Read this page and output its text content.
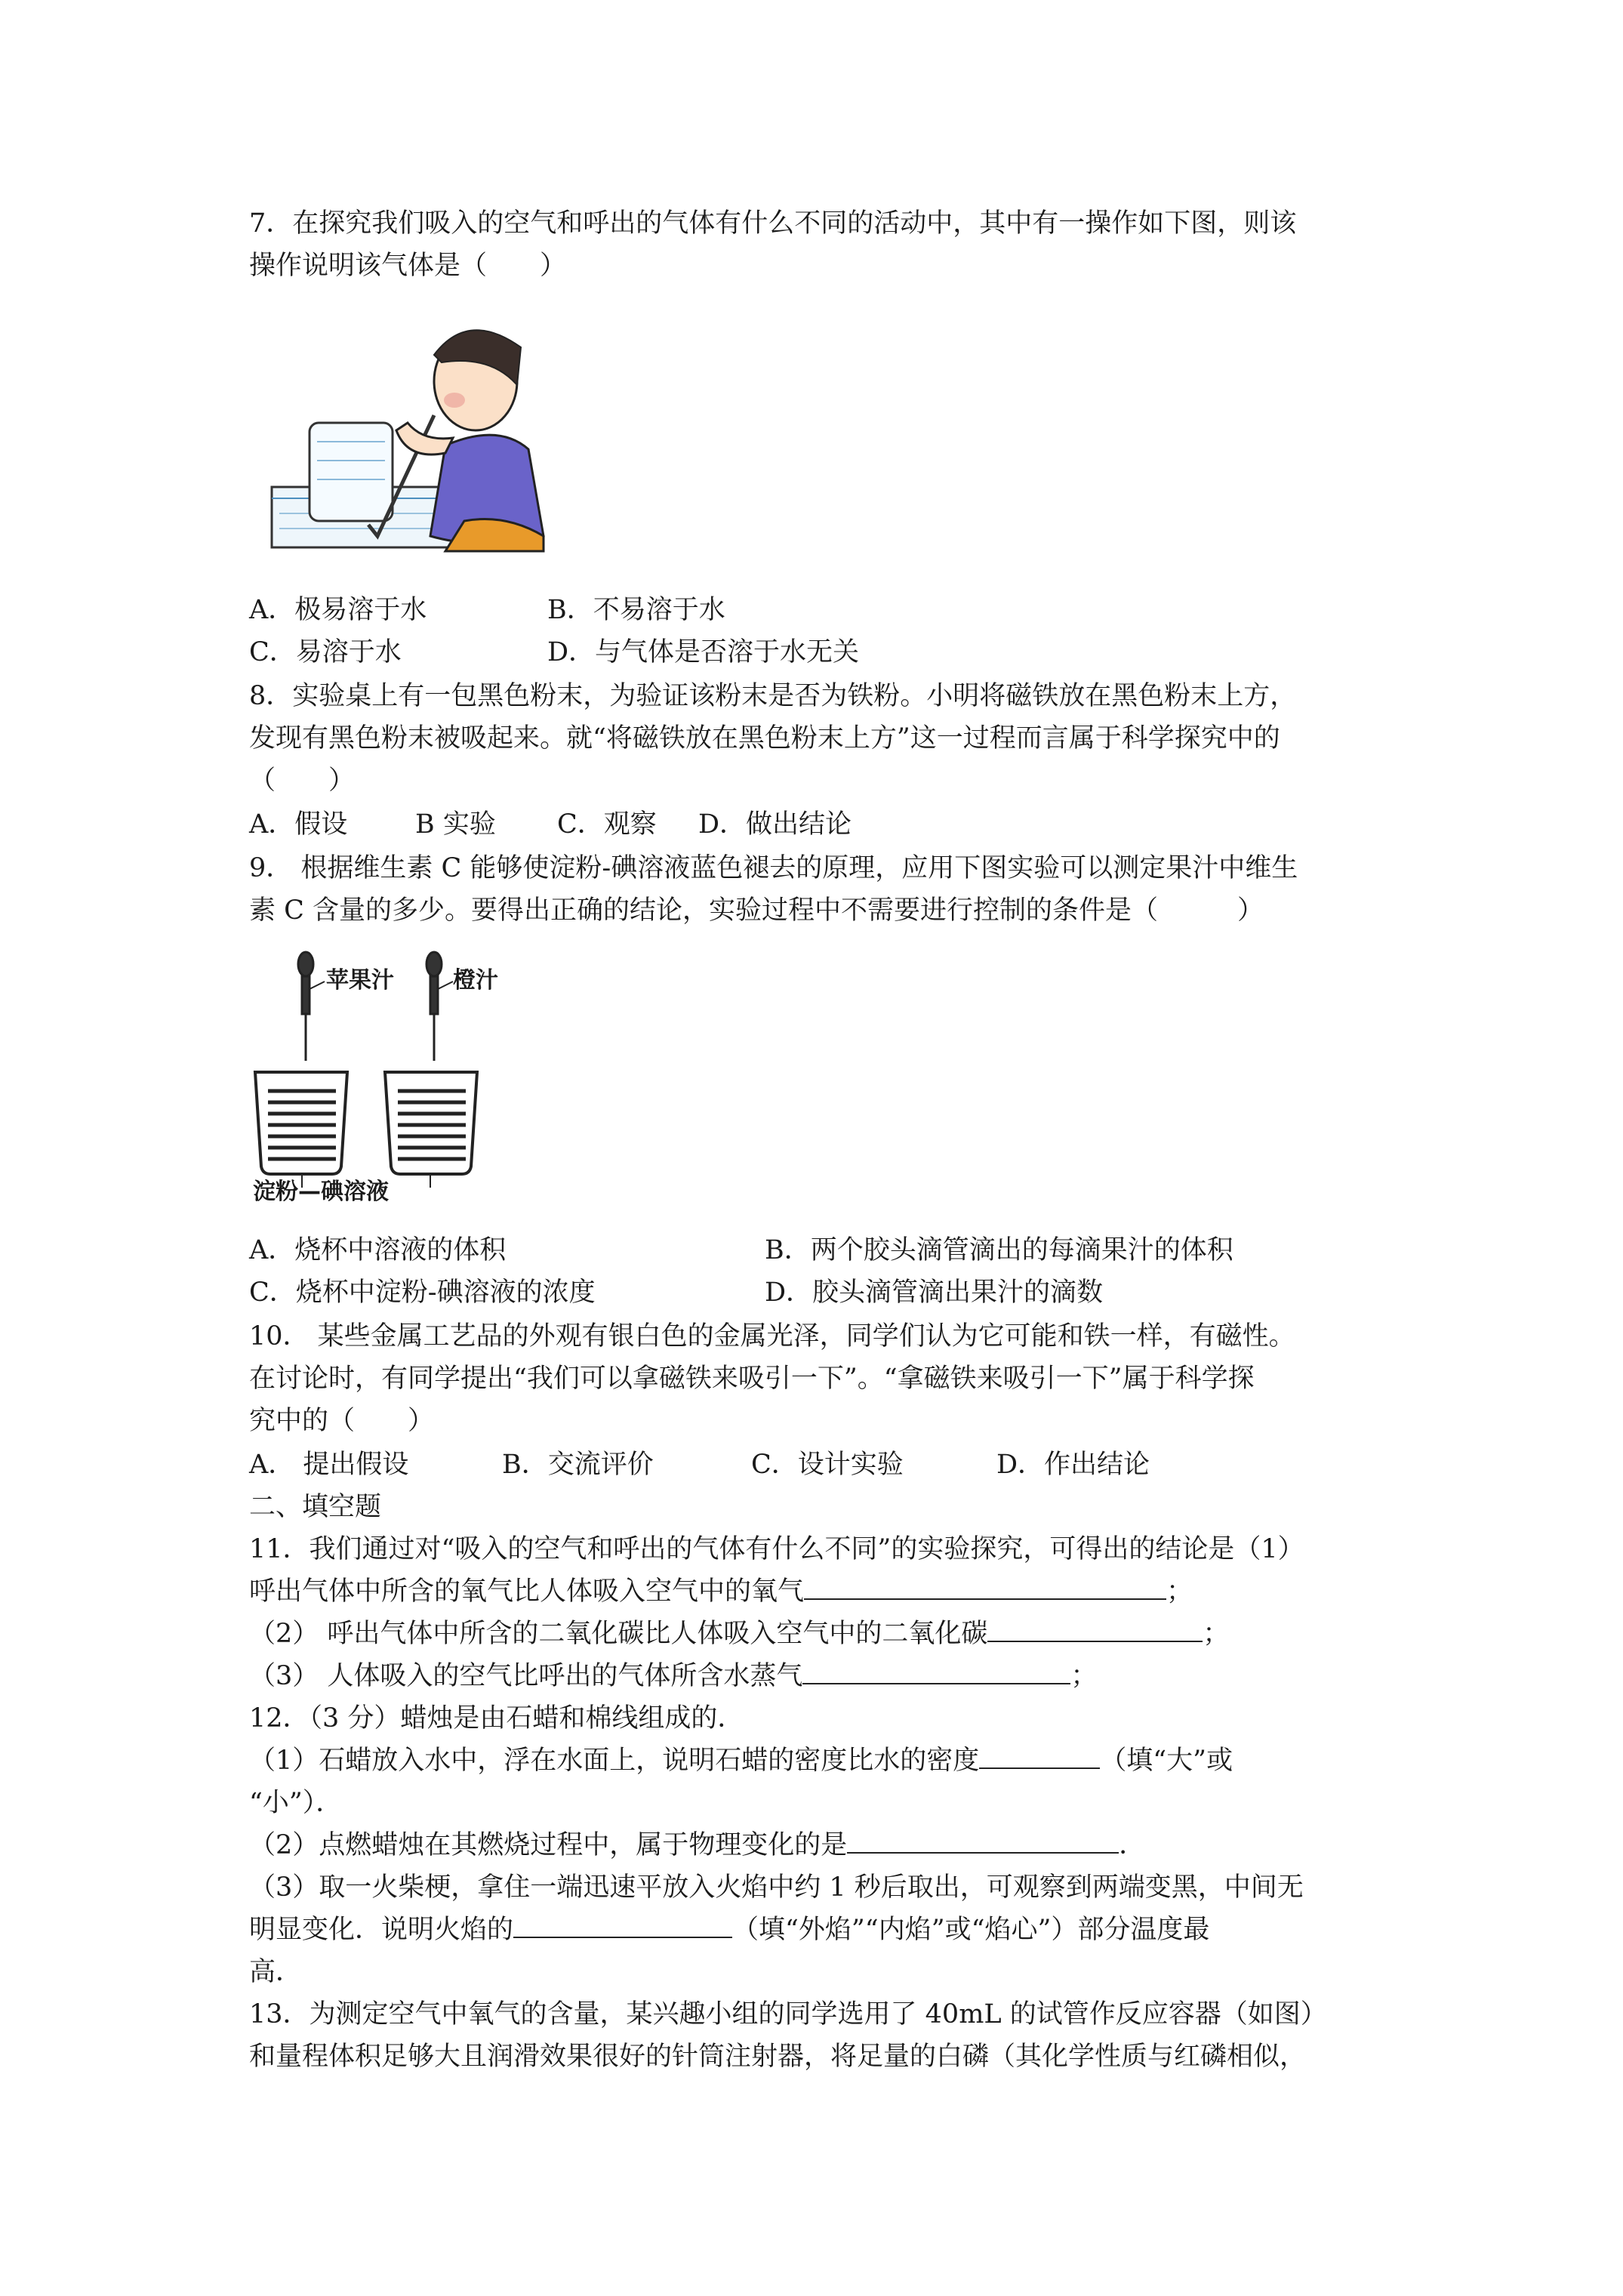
7．在探究我们吸入的空气和呼出的气体有什么不同的活动中，其中有一操作如下图，则该
操作说明该气体是（　　）
A．极易溶于水	B．不易溶于水
C．易溶于水	D．与气体是否溶于水无关
8．实验桌上有一包黑色粉末，为验证该粉末是否为铁粉。小明将磁铁放在黑色粉末上方，
发现有黑色粉末被吸起来。就“将磁铁放在黑色粉末上方”这一过程而言属于科学探究中的
（　　）
A．假设	B 实验 C．观察 D．做出结论
9． 根据维生素 C 能够使淀粉-碘溶液蓝色褪去的原理，应用下图实验可以测定果汁中维生
素 C 含量的多少。要得出正确的结论，实验过程中不需要进行控制的条件是（　　　）
苹果汁	橙汁
淀粉—碘溶液
A．烧杯中溶液的体积	B．两个胶头滴管滴出的每滴果汁的体积
C．烧杯中淀粉-碘溶液的浓度	D．胶头滴管滴出果汁的滴数
10． 某些金属工艺品的外观有银白色的金属光泽，同学们认为它可能和铁一样，有磁性。
在讨论时，有同学提出“我们可以拿磁铁来吸引一下”。“拿磁铁来吸引一下”属于科学探
究中的（　　）
A． 提出假设	B．交流评价	C．设计实验	D．作出结论
二、填空题
11．我们通过对“吸入的空气和呼出的气体有什么不同”的实验探究，可得出的结论是（1）
呼出气体中所含的氧气比人体吸入空气中的氧气	；
（2） 呼出气体中所含的二氧化碳比人体吸入空气中的二氧化碳	；
（3） 人体吸入的空气比呼出的气体所含水蒸气	；
12．（3 分）蜡烛是由石蜡和棉线组成的．
（1）石蜡放入水中，浮在水面上，说明石蜡的密度比水的密度	（填“大”或
“小”）．
（2）点燃蜡烛在其燃烧过程中，属于物理变化的是	．
（3）取一火柴梗，拿住一端迅速平放入火焰中约 1 秒后取出，可观察到两端变黑，中间无
明显变化．说明火焰的	（填“外焰”“内焰”或“焰心”）部分温度最
高．
13．为测定空气中氧气的含量，某兴趣小组的同学选用了 40mL 的试管作反应容器（如图）
和量程体积足够大且润滑效果很好的针筒注射器，将足量的白磷（其化学性质与红磷相似，
